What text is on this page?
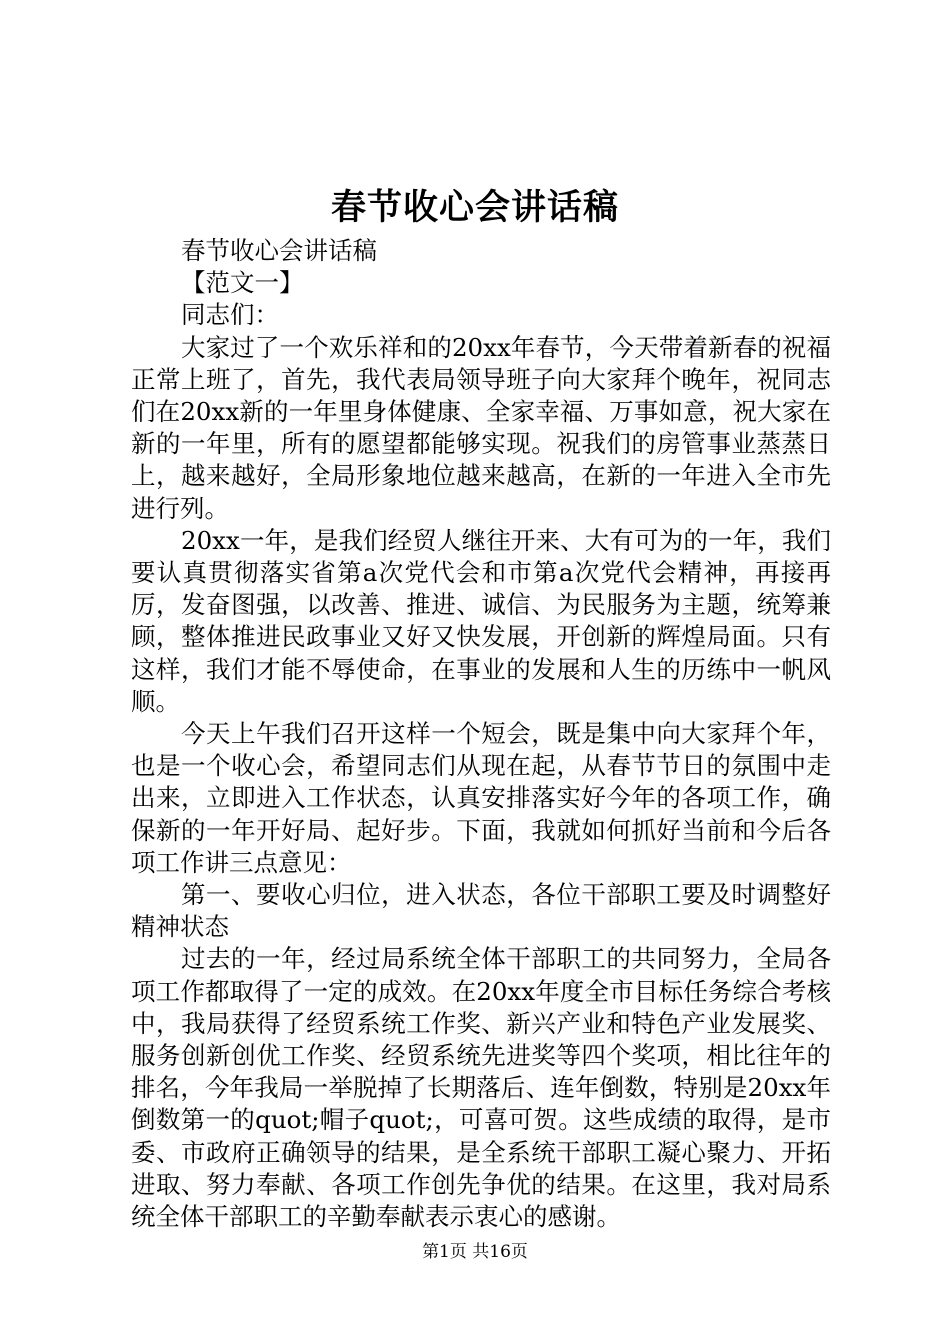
春节收心会讲话稿

春节收心会讲话稿

【范文一】

同志们：

大家过了一个欢乐祥和的20xx年春节，今天带着新春的祝福正常上班了，首先，我代表局领导班子向大家拜个晚年，祝同志们在20xx新的一年里身体健康、全家幸福、万事如意，祝大家在新的一年里，所有的愿望都能够实现。祝我们的房管事业蒸蒸日上，越来越好，全局形象地位越来越高，在新的一年进入全市先进行列。

20xx一年，是我们经贸人继往开来、大有可为的一年，我们要认真贯彻落实省第a次党代会和市第a次党代会精神，再接再厉，发奋图强，以改善、推进、诚信、为民服务为主题，统筹兼顾，整体推进民政事业又好又快发展，开创新的辉煌局面。只有这样，我们才能不辱使命，在事业的发展和人生的历练中一帆风顺。

今天上午我们召开这样一个短会，既是集中向大家拜个年，也是一个收心会，希望同志们从现在起，从春节节日的氛围中走出来，立即进入工作状态，认真安排落实好今年的各项工作，确保新的一年开好局、起好步。下面，我就如何抓好当前和今后各项工作讲三点意见：

第一、要收心归位，进入状态，各位干部职工要及时调整好精神状态

过去的一年，经过局系统全体干部职工的共同努力，全局各项工作都取得了一定的成效。在20xx年度全市目标任务综合考核中，我局获得了经贸系统工作奖、新兴产业和特色产业发展奖、服务创新创优工作奖、经贸系统先进奖等四个奖项，相比往年的排名，今年我局一举脱掉了长期落后、连年倒数，特别是20xx年倒数第一的quot;帽子quot;，可喜可贺。这些成绩的取得，是市委、市政府正确领导的结果，是全系统干部职工凝心聚力、开拓进取、努力奉献、各项工作创先争优的结果。在这里，我对局系统全体干部职工的辛勤奉献表示衷心的感谢。

第1页 共16页
